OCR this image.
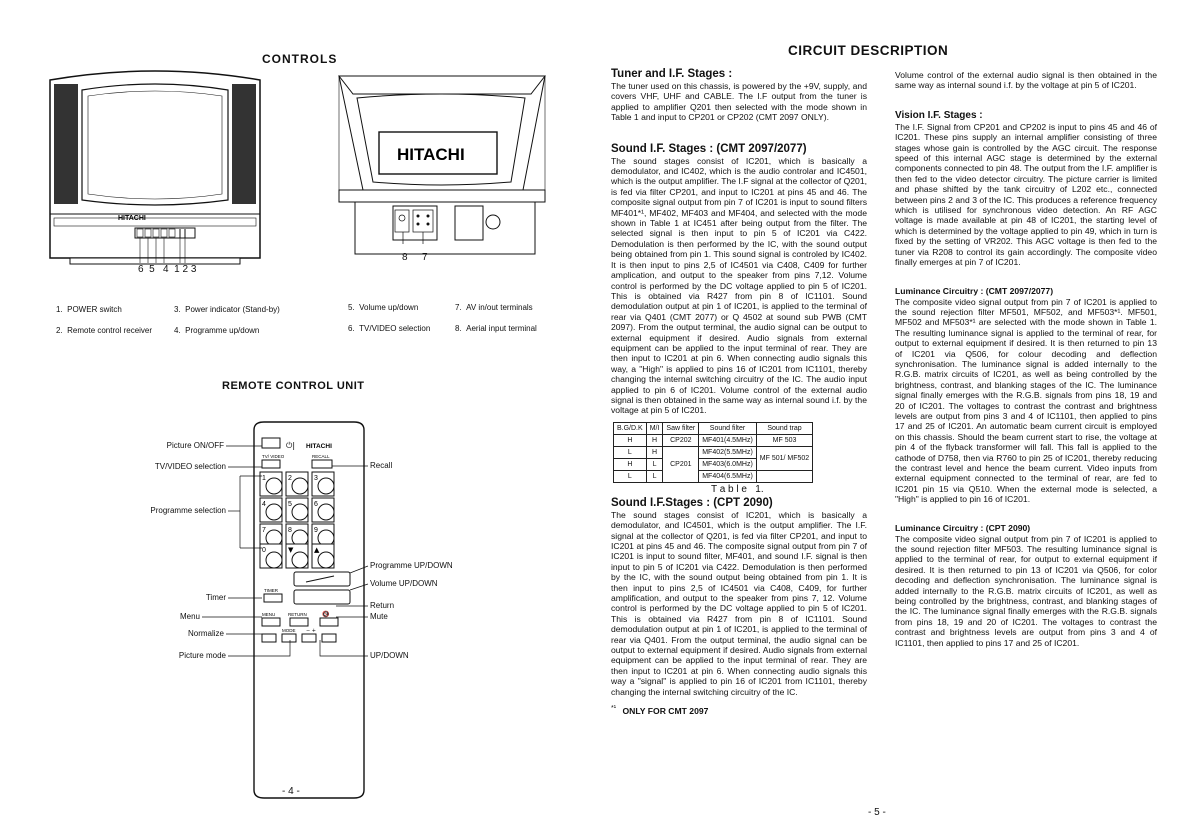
CONTROLS
HITACHI
6  5   4  1 2 3
HITACHI
8 7
1. POWER switch
2. Remote control receiver
3. Power indicator (Stand-by)
4. Programme up/down
5. Volume up/down
6. TV/VIDEO selection
7. AV in/out terminals
8. Aerial input terminal
REMOTE CONTROL UNIT
⏻| HITACHI
TV/ VIDEO	RECALL
1	2	3
4	5	6
7	8	9
0	▼	▲
TIMER
MENU	RETURN	🔇
MODE − +
Picture ON/OFF
TV/VIDEO selection
Programme selection
Timer
Menu
Normalize
Picture mode
Recall
Programme UP/DOWN
Volume UP/DOWN
Return
Mute
UP/DOWN
- 4 -
CIRCUIT DESCRIPTION
Tuner and I.F. Stages :
The tuner used on this chassis, is powered by the +9V, supply, and covers VHF, UHF and CABLE. The I.F output from the tuner is applied to amplifier Q201 then selected with the mode shown in Table 1 and input to CP201 or CP202 (CMT 2097 ONLY).
Sound I.F. Stages : (CMT 2097/2077)
The sound stages consist of IC201, which is basically a demodulator, and IC402, which is the audio controlar and IC4501, which is the output amplifier. The I.F signal at the collector of Q201, is fed via filter CP201, and input to IC201 at pins 45 and 46. The composite signal output from pin 7 of IC201 is input to sound filters MF401*¹, MF402, MF403 and MF404, and selected with the mode shown in Table 1 at IC451 after being output from the filter. The selected signal is then input to pin 5 of IC201 via C422. Demodulation is then performed by the IC, with the sound output being obtained from pin 1. This sound signal is controled by IC402. It is then input to pins 2,5 of IC4501 via C408, C409 for further amplication, and output to the speaker from pins 7,12. Volume control is performed by the DC voltage applied to pin 5 of IC201. This is obtained via R427 from pin 8 of IC1101. Sound demodulation output at pin 1 of IC201, is applied to the terminal of rear via Q401 (CMT 2077) or Q 4502 at sound sub PWB (CMT 2097). From the output terminal, the audio signal can be output to external equipment if desired. Audio signals from external equipment can be applied to the input terminal of rear. They are then input to IC201 at pin 6. When connecting audio signals this way, a "High" is applied to pins 16 of IC201 from IC1101, thereby changing the internal switching circuitry of the IC. The audio input applied to pin 6 of IC201. Volume control of the external audio signal is then obtained in the same way as internal sound i.f. by the voltage at pin 5 of IC201.
B.G/D.K	M/I	Saw filter	Sound filter	Sound trap
H	H	CP202	MF401(4.5MHz)	MF 503
L	H	CP201	MF402(5.5MHz)	MF 501/ MF502
H	L		MF403(6.0MHz)	
L	L		MF404(6.5MHz)	
T a b l e   1.
Sound I.F.Stages : (CPT 2090)
The sound stages consist of IC201, which is basically a demodulator, and IC4501, which is the output amplifier. The I.F. signal at the collector of Q201, is fed via filter CP201, and input to IC201 at pins 45 and 46. The composite signal output from pin 7 of IC201 is input to sound filter, MF401, and sound I.F. signal is then input to pin 5 of IC201 via C422. Demodulation is then performed by the IC, with the sound output being obtained from pin 1. It is then input to pins 2,5 of IC4501 via C408, C409, for further amplification, and output to the speaker from pins 7, 12. Volume control is performed by the DC voltage applied to pin 5 of IC201. This is obtained via R427 from pin 8 of IC1101. Sound demodulation output at pin 1 of IC201, is applied to the terminal of rear via Q401. From the output terminal, the audio signal can be output to external equipment if desired. Audio signals from external equipment can be applied to the input terminal of rear. They are then input to IC201 at pin 6. When connecting audio signals this way a "signal" is applied to pin 16 of IC201 from IC1101, thereby changing the internal switching circuitry of the IC.
$^{*^1}$ ONLY FOR CMT 2097
Volume control of the external audio signal is then obtained in the same way as internal sound i.f. by the voltage at pin 5 of IC201.
Vision I.F. Stages :
The I.F. Signal from CP201 and CP202 is input to pins 45 and 46 of IC201. These pins supply an internal amplifier consisting of three stages whose gain is controlled by the AGC circuit. The response speed of this internal AGC stage is determined by the external components connected to pin 48. The output from the I.F. amplifier is then fed to the video detector circuitry. The picture carrier is limited and phase shifted by the tank circuitry of L202 etc., connected between pins 2 and 3 of the IC. This produces a reference frequency which is utilised for synchronous video detection. An RF AGC voltage is made available at pin 48 of IC201, the starting level of which is determined by the voltage applied to pin 49, which in turn is fixed by the setting of VR202. This AGC voltage is then fed to the tuner via R208 to control its gain accordingly. The composite video finally emerges at pin 7 of IC201.
Luminance Circuitry : (CMT 2097/2077)
The composite video signal output from pin 7 of IC201 is applied to the sound rejection filter MF501, MF502, and MF503*¹. MF501, MF502 and MF503*¹ are selected with the mode shown in Table 1. The resulting luminance signal is applied to the terminal of rear, for output to external equipment if desired. It is then returned to pin 13 of IC201 via Q506, for colour decoding and deflection synchronisation. The luminance signal is added internally to the R.G.B. matrix circuits of IC201, as well as being controlled by the brightness, contrast, and blanking stages of the IC. The luminance signal finally emerges with the R.G.B. signals from pins 18, 19 and 20 of IC201. The voltages to contrast the contrast and brightness levels are output from pins 3 and 4 of IC1101, then applied to pins 17 and 25 of IC201. An automatic beam current circuit is employed on this chassis. Should the beam current start to rise, the voltage at pin 4 of the flyback transformer will fall. This fall is applied to the cathode of D758, then via R760 to pin 25 of IC201, thereby reducing the contrast level and hence the beam current. Video inputs from external equipment connected to the terminal of rear, are fed to IC201 pin 15 via Q510. When the external mode is selected, a "High" is applied to pin 16 of IC201.
Luminance Circuitry : (CPT 2090)
The composite video signal output from pin 7 of IC201 is applied to the sound rejection filter MF503. The resulting luminance signal is applied to the terminal of rear, for output to external equipment if desired. It is then returned to pin 13 of IC201 via Q506, for color decoding and deflection synchronisation. The luminance signal is added internally to the R.G.B. matrix circuits of IC201, as well as being controlled by the brightness, contrast, and blanking stages of the IC. The luminance signal finally emerges with the R.G.B. signals from pins 18, 19 and 20 of IC201. The voltages to contrast the contrast and brightness levels are output from pins 3 and 4 of IC1101, then applied to pins 17 and 25 of IC201.
- 5 -
